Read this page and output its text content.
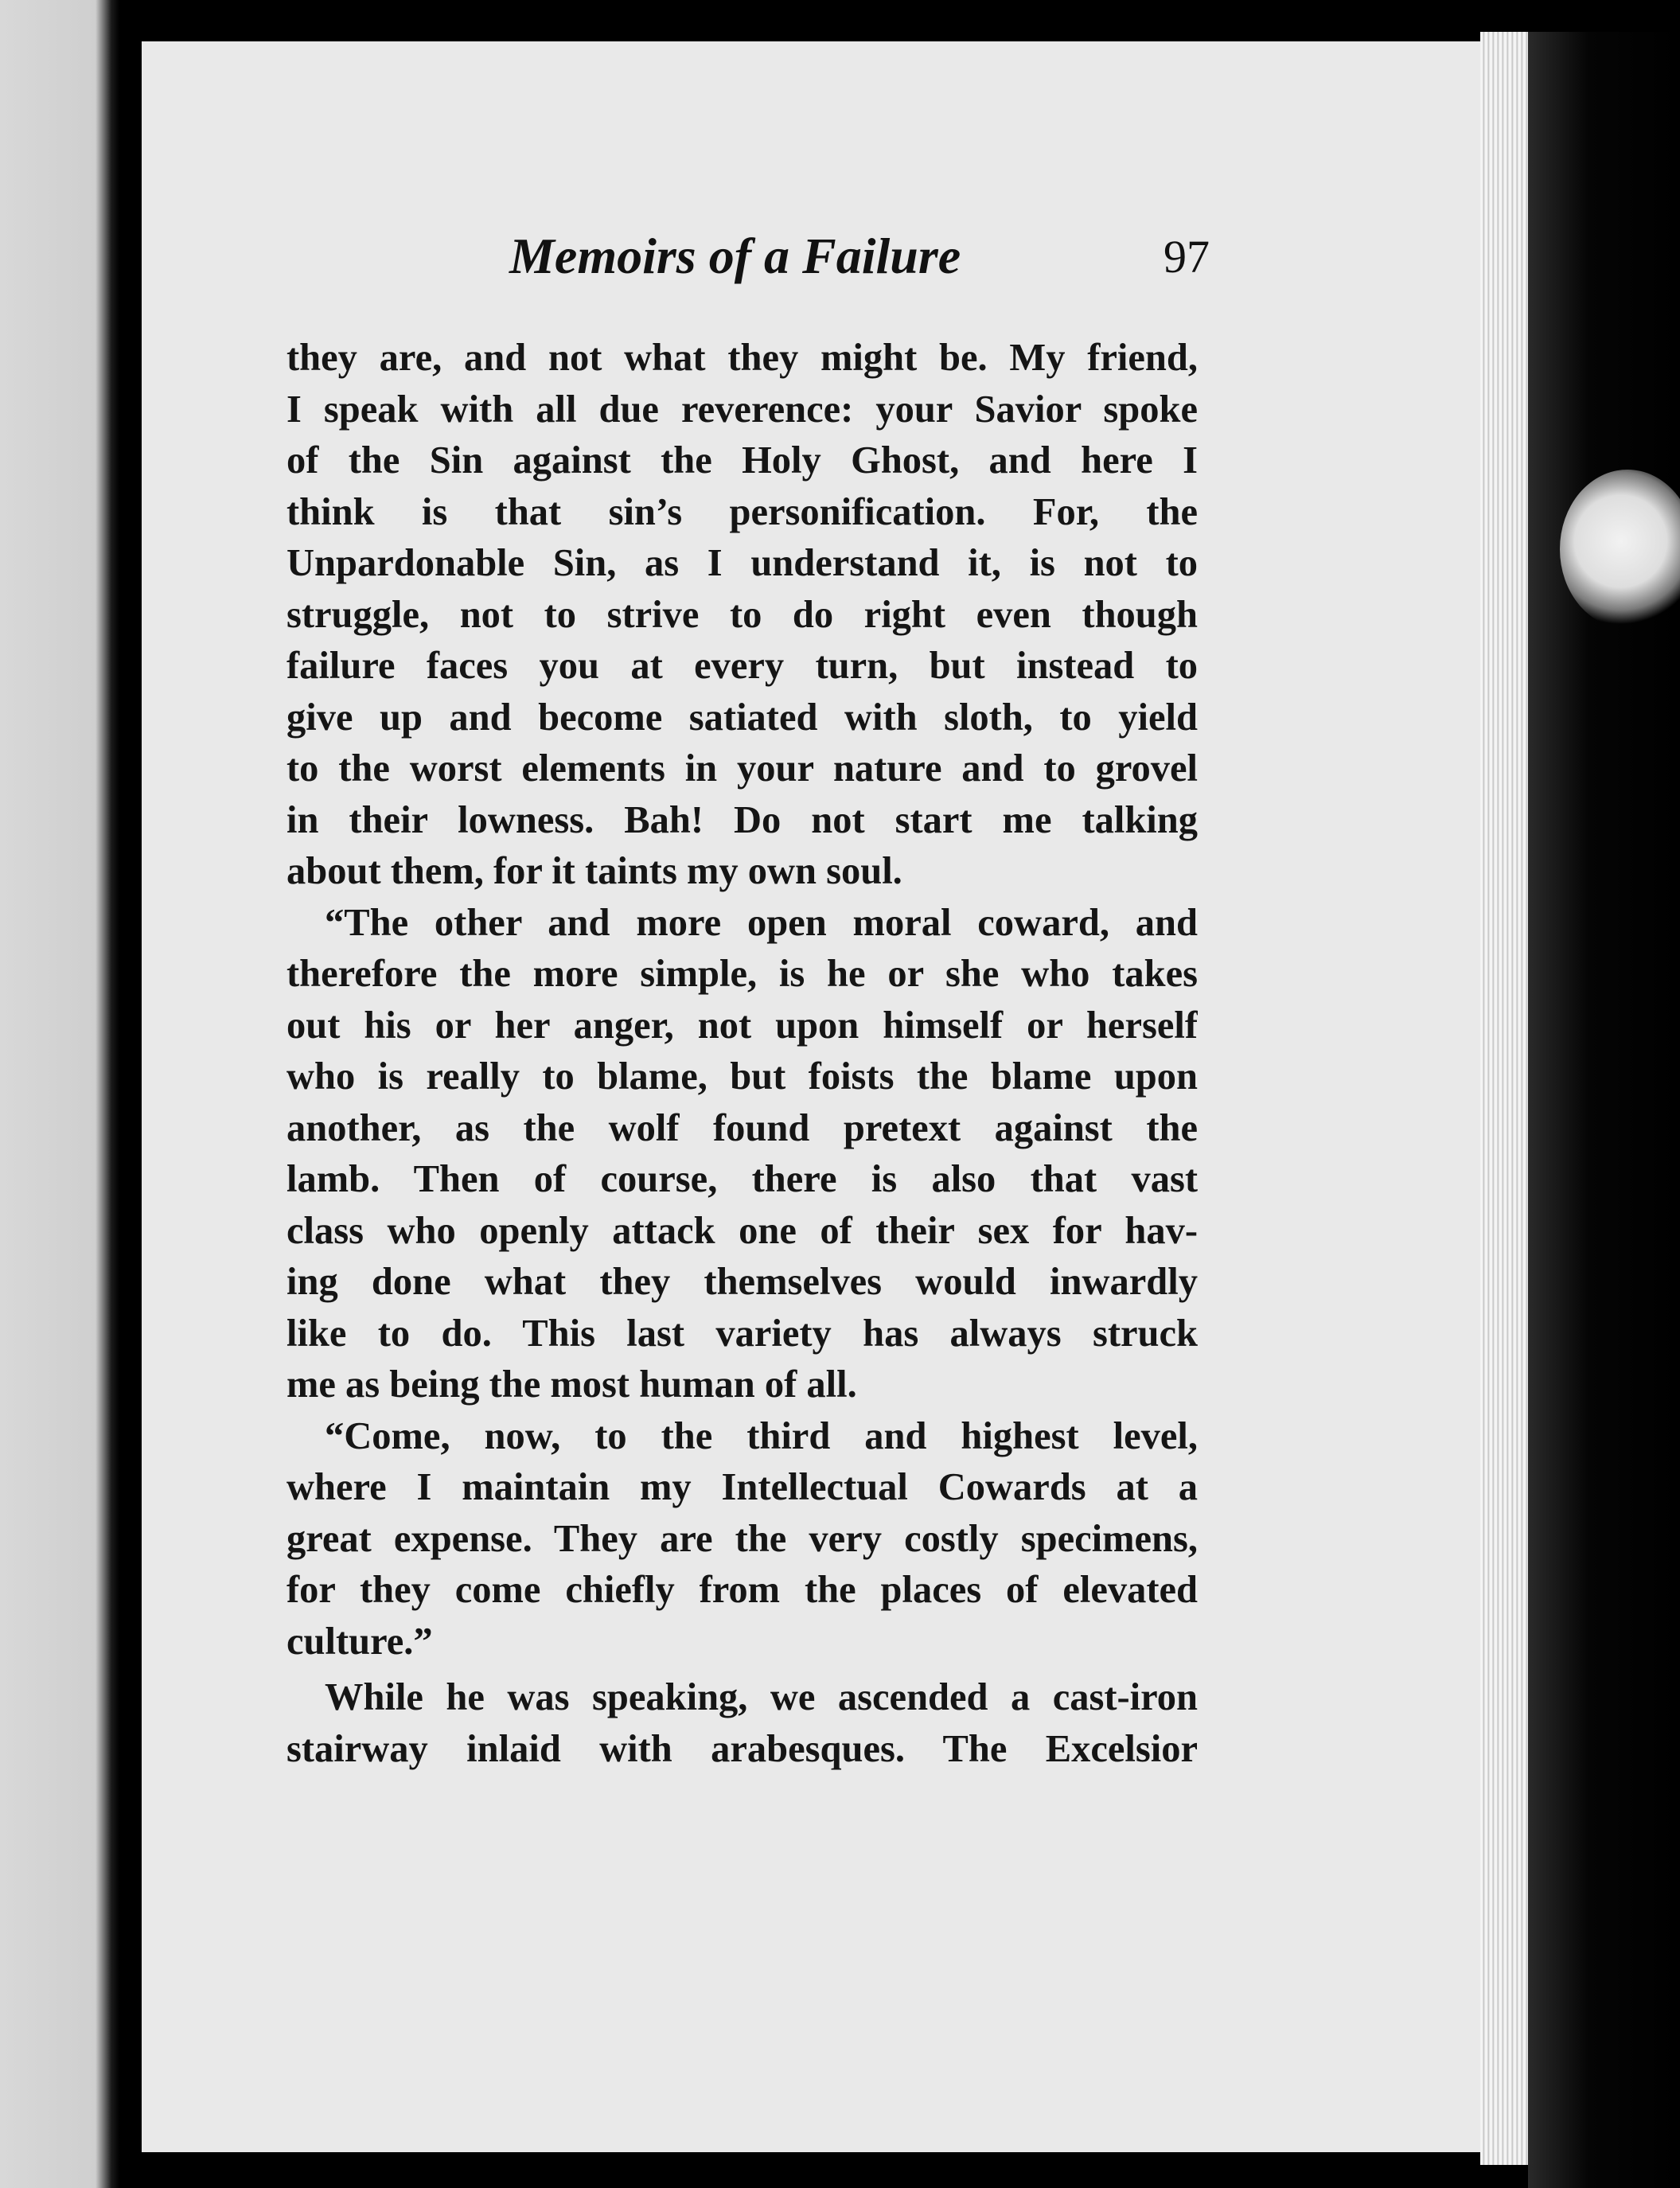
Memoirs of a Failure	97
they are, and not what they might be. My friend,
I speak with all due reverence: your Savior spoke
of the Sin against the Holy Ghost, and here I
think is that sin’s personification. For, the
Unpardonable Sin, as I understand it, is not to
struggle, not to strive to do right even though
failure faces you at every turn, but instead to
give up and become satiated with sloth, to yield
to the worst elements in your nature and to grovel
in their lowness. Bah! Do not start me talking
about them, for it taints my own soul.
“The other and more open moral coward, and
therefore the more simple, is he or she who takes
out his or her anger, not upon himself or herself
who is really to blame, but foists the blame upon
another, as the wolf found pretext against the
lamb. Then of course, there is also that vast
class who openly attack one of their sex for hav-
ing done what they themselves would inwardly
like to do. This last variety has always struck
me as being the most human of all.
“Come, now, to the third and highest level,
where I maintain my Intellectual Cowards at a
great expense. They are the very costly specimens,
for they come chiefly from the places of elevated
culture.”
While he was speaking, we ascended a cast-iron
stairway inlaid with arabesques. The Excelsior
